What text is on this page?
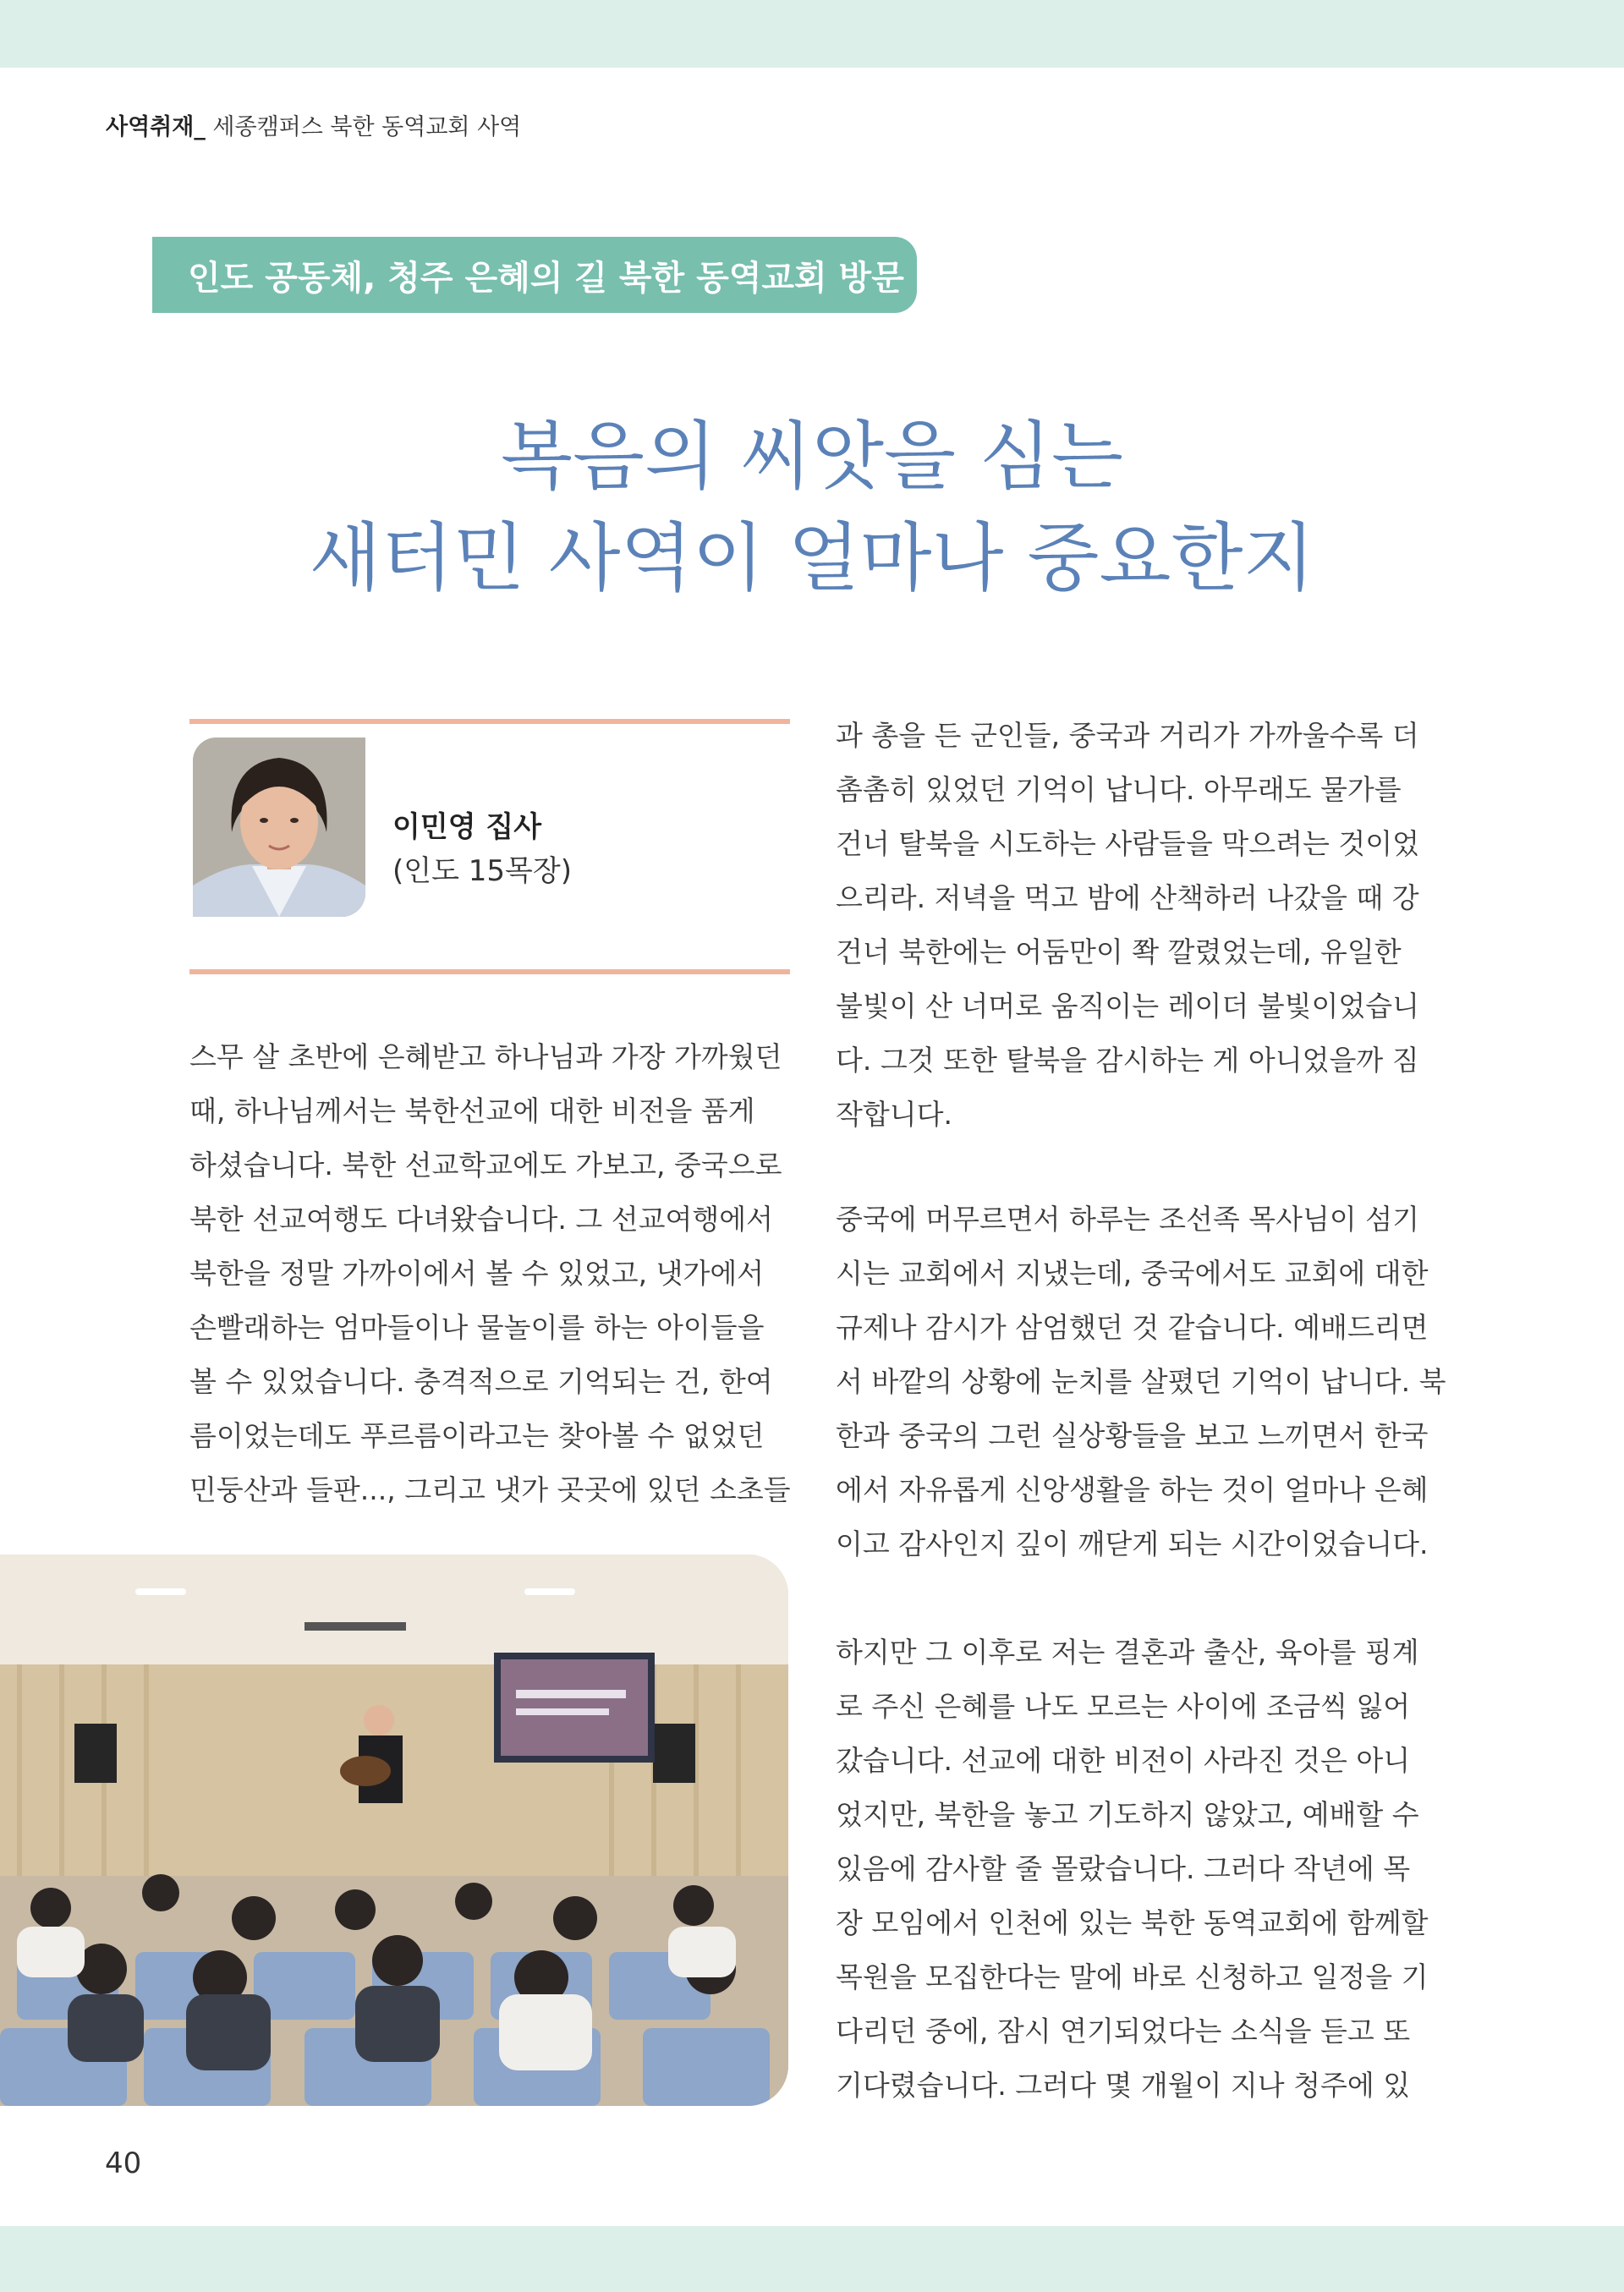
사역취재_ 세종캠퍼스 북한 동역교회 사역
인도 공동체, 청주 은혜의 길 북한 동역교회 방문
복음의 씨앗을 심는
새터민 사역이 얼마나 중요한지
이민영 집사
(인도 15목장)

스무 살 초반에 은혜받고 하나님과 가장 가까웠던
때, 하나님께서는 북한선교에 대한 비전을 품게
하셨습니다. 북한 선교학교에도 가보고, 중국으로
북한 선교여행도 다녀왔습니다. 그 선교여행에서
북한을 정말 가까이에서 볼 수 있었고, 냇가에서
손빨래하는 엄마들이나 물놀이를 하는 아이들을
볼 수 있었습니다. 충격적으로 기억되는 건, 한여
름이었는데도 푸르름이라고는 찾아볼 수 없었던
민둥산과 들판..., 그리고 냇가 곳곳에 있던 소초들

과 총을 든 군인들, 중국과 거리가 가까울수록 더
촘촘히 있었던 기억이 납니다. 아무래도 물가를
건너 탈북을 시도하는 사람들을 막으려는 것이었
으리라. 저녁을 먹고 밤에 산책하러 나갔을 때 강
건너 북한에는 어둠만이 쫙 깔렸었는데, 유일한
불빛이 산 너머로 움직이는 레이더 불빛이었습니
다. 그것 또한 탈북을 감시하는 게 아니었을까 짐
작합니다.

중국에 머무르면서 하루는 조선족 목사님이 섬기
시는 교회에서 지냈는데, 중국에서도 교회에 대한
규제나 감시가 삼엄했던 것 같습니다. 예배드리면
서 바깥의 상황에 눈치를 살폈던 기억이 납니다. 북
한과 중국의 그런 실상황들을 보고 느끼면서 한국
에서 자유롭게 신앙생활을 하는 것이 얼마나 은혜
이고 감사인지 깊이 깨닫게 되는 시간이었습니다.

하지만 그 이후로 저는 결혼과 출산, 육아를 핑계
로 주신 은혜를 나도 모르는 사이에 조금씩 잃어
갔습니다. 선교에 대한 비전이 사라진 것은 아니
었지만, 북한을 놓고 기도하지 않았고, 예배할 수
있음에 감사할 줄 몰랐습니다. 그러다 작년에 목
장 모임에서 인천에 있는 북한 동역교회에 함께할
목원을 모집한다는 말에 바로 신청하고 일정을 기
다리던 중에, 잠시 연기되었다는 소식을 듣고 또
기다렸습니다. 그러다 몇 개월이 지나 청주에 있

40
